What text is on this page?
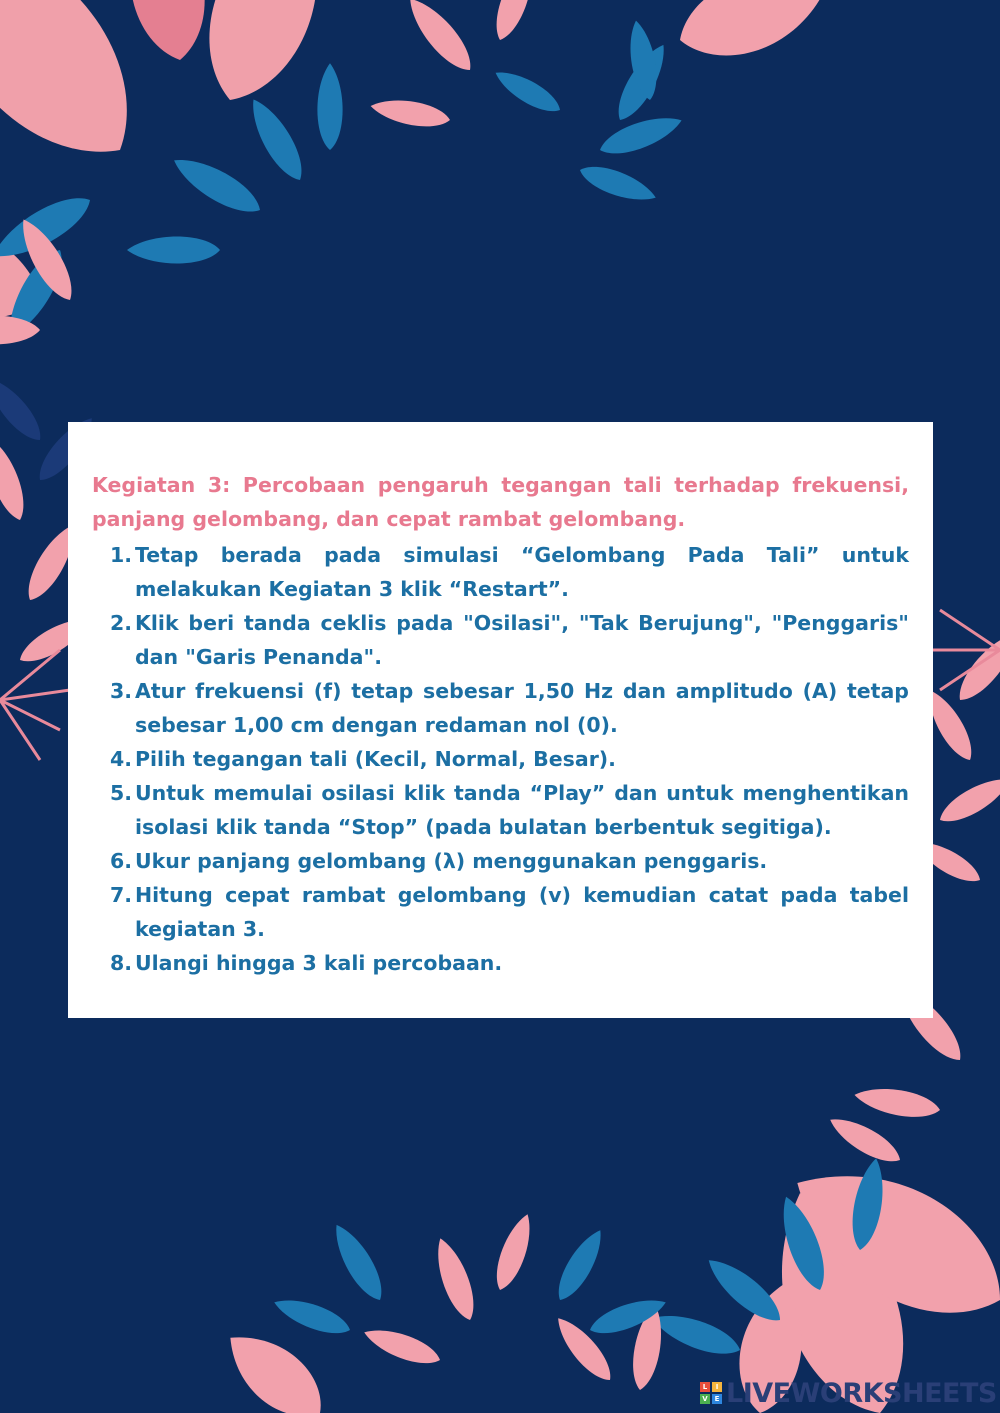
Kegiatan 3: Percobaan pengaruh tegangan tali terhadap frekuensi, panjang gelombang, dan cepat rambat gelombang.

1. Tetap berada pada simulasi “Gelombang Pada Tali” untuk melakukan Kegiatan 3 klik “Restart”.
2. Klik beri tanda ceklis pada "Osilasi", "Tak Berujung", "Penggaris" dan "Garis Penanda".
3. Atur frekuensi (f) tetap sebesar 1,50 Hz dan amplitudo (A) tetap sebesar 1,00 cm dengan redaman nol (0).
4. Pilih tegangan tali (Kecil, Normal, Besar).
5. Untuk memulai osilasi klik tanda “Play” dan untuk menghentikan isolasi klik tanda “Stop” (pada bulatan berbentuk segitiga).
6. Ukur panjang gelombang (λ) menggunakan penggaris.
7. Hitung cepat rambat gelombang (v) kemudian catat pada tabel kegiatan 3.
8. Ulangi hingga 3 kali percobaan.
L	I
V E LIVEWORKSHEETS
